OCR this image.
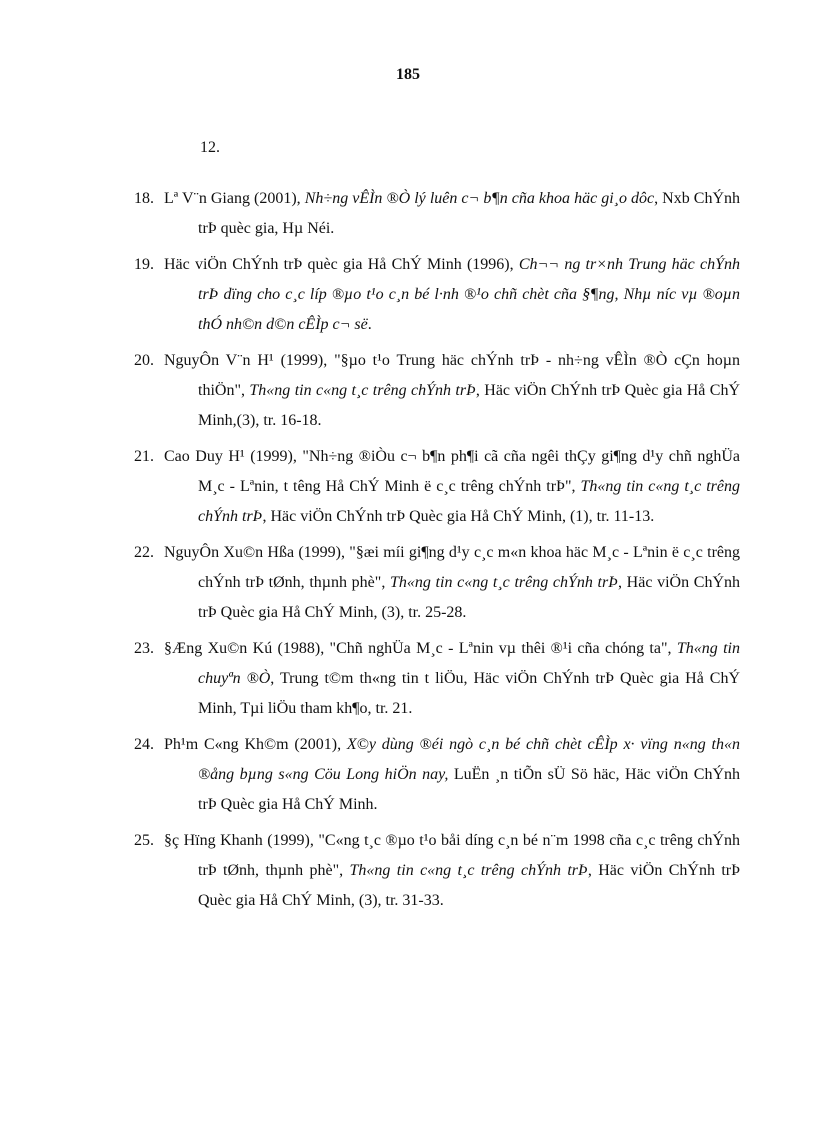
185
12.
18. Lª V¨n Giang (2001), Nh÷ng vÊÌn ®Ò lý luên c¬ b¶n cña khoa häc gi¸o dôc, Nxb ChÝnh trÞ quèc gia, Hµ Néi.
19. Häc viÖn ChÝnh trÞ quèc gia Hå ChÝ Minh (1996), Ch¬¬ ng tr×nh Trung häc chÝnh trÞ dïng cho c¸c líp ®µo t¹o c¸n bé l·nh ®¹o chñ chèt cña §¶ng, Nhµ níc vµ ®oµn thÓ nh©n d©n cÊÌp c¬ së.
20. NguyÔn V¨n H¹ (1999), "§µo t¹o Trung häc chÝnh trÞ - nh÷ng vÊÌn ®Ò cÇn hoµn thiÖn", Th«ng tin c«ng t¸c trêng chÝnh trÞ, Häc viÖn ChÝnh trÞ Quèc gia Hå ChÝ Minh,(3), tr. 16-18.
21. Cao Duy H¹ (1999), "Nh÷ng ®iÒu c¬ b¶n ph¶i cã cña ngêi thÇy gi¶ng d¹y chñ nghÜa M¸c - Lªnin, t têng Hå ChÝ Minh ë c¸c trêng chÝnh trÞ", Th«ng tin c«ng t¸c trêng chÝnh trÞ, Häc viÖn ChÝnh trÞ Quèc gia Hå ChÝ Minh, (1), tr. 11-13.
22. NguyÔn Xu©n Hßa (1999), "§æi míi gi¶ng d¹y c¸c m«n khoa häc M¸c - Lªnin ë c¸c trêng chÝnh trÞ tØnh, thµnh phè", Th«ng tin c«ng t¸c trêng chÝnh trÞ, Häc viÖn ChÝnh trÞ Quèc gia Hå ChÝ Minh, (3), tr. 25-28.
23. §Æng Xu©n Kú (1988), "Chñ nghÜa M¸c - Lªnin vµ thêi ®¹i cña chóng ta", Th«ng tin chuyªn ®Ò, Trung t©m th«ng tin t liÖu, Häc viÖn ChÝnh trÞ Quèc gia Hå ChÝ Minh, Tµi liÖu tham kh¶o, tr. 21.
24. Ph¹m C«ng Kh©m (2001), X©y dùng ®éi ngò c¸n bé chñ chèt cÊÌp x· vïng n«ng th«n ®ång bµng s«ng Cöu Long hiÖn nay, LuËn ¸n tiÕn sÜ Sö häc, Häc viÖn ChÝnh trÞ Quèc gia Hå ChÝ Minh.
25. §ç Hïng Khanh (1999), "C«ng t¸c ®µo t¹o båi díng c¸n bé n¨m 1998 cña c¸c trêng chÝnh trÞ tØnh, thµnh phè", Th«ng tin c«ng t¸c trêng chÝnh trÞ, Häc viÖn ChÝnh trÞ Quèc gia Hå ChÝ Minh, (3), tr. 31-33.
